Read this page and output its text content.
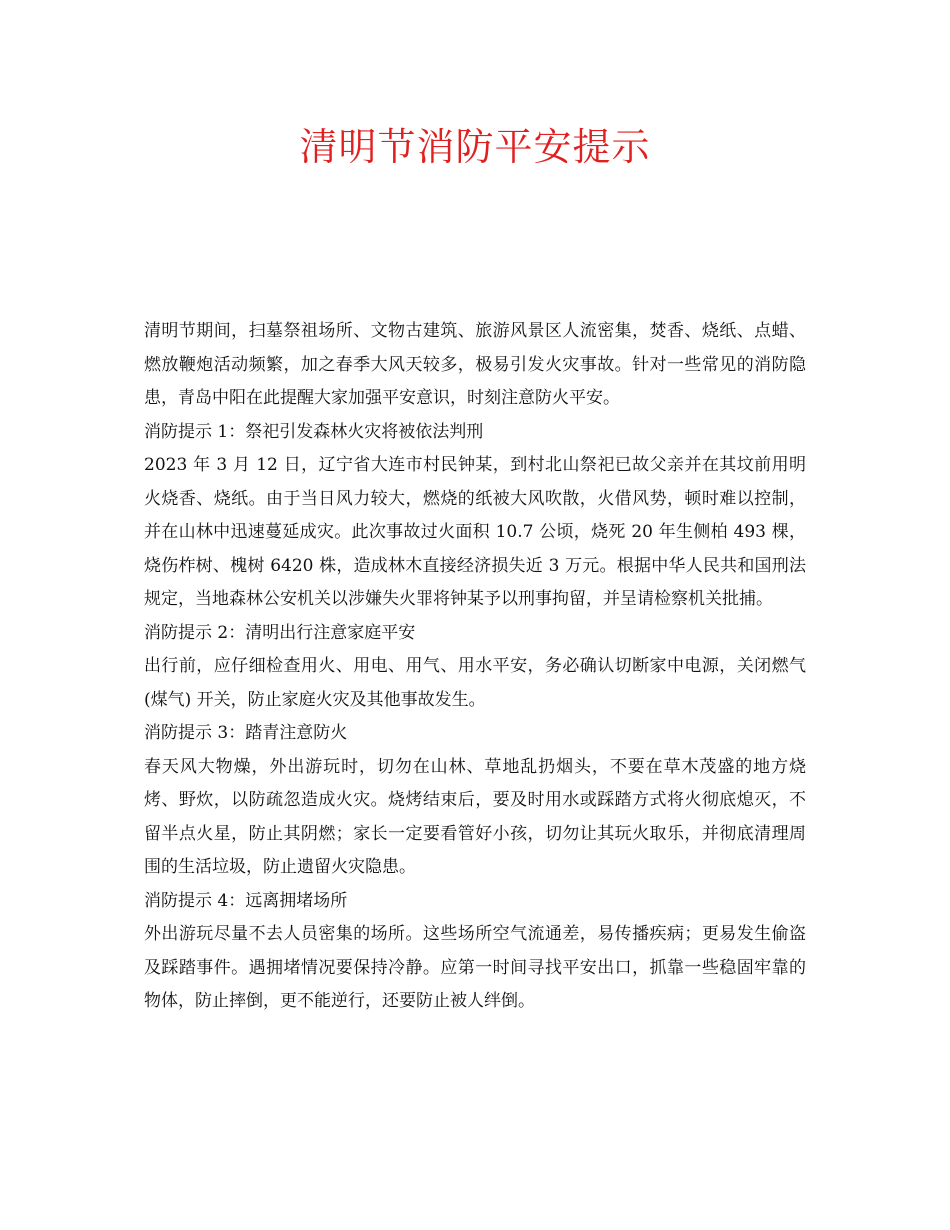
清明节消防平安提示

清明节期间，扫墓祭祖场所、文物古建筑、旅游风景区人流密集，焚香、烧纸、点蜡、燃放鞭炮活动频繁，加之春季大风天较多，极易引发火灾事故。针对一些常见的消防隐患，青岛中阳在此提醒大家加强平安意识，时刻注意防火平安。

消防提示 1：祭祀引发森林火灾将被依法判刑

2023 年 3 月 12 日，辽宁省大连市村民钟某，到村北山祭祀已故父亲并在其坟前用明火烧香、烧纸。由于当日风力较大，燃烧的纸被大风吹散，火借风势，顿时难以控制，并在山林中迅速蔓延成灾。此次事故过火面积 10.7 公顷，烧死 20 年生侧柏 493 棵，烧伤柞树、槐树 6420 株，造成林木直接经济损失近 3 万元。根据中华人民共和国刑法规定，当地森林公安机关以涉嫌失火罪将钟某予以刑事拘留，并呈请检察机关批捕。

消防提示 2：清明出行注意家庭平安

出行前，应仔细检查用火、用电、用气、用水平安，务必确认切断家中电源，关闭燃气(煤气) 开关，防止家庭火灾及其他事故发生。

消防提示 3：踏青注意防火

春天风大物燥，外出游玩时，切勿在山林、草地乱扔烟头，不要在草木茂盛的地方烧烤、野炊，以防疏忽造成火灾。烧烤结束后，要及时用水或踩踏方式将火彻底熄灭，不留半点火星，防止其阴燃；家长一定要看管好小孩，切勿让其玩火取乐，并彻底清理周围的生活垃圾，防止遗留火灾隐患。

消防提示 4：远离拥堵场所

外出游玩尽量不去人员密集的场所。这些场所空气流通差，易传播疾病；更易发生偷盗及踩踏事件。遇拥堵情况要保持冷静。应第一时间寻找平安出口，抓靠一些稳固牢靠的物体，防止摔倒，更不能逆行，还要防止被人绊倒。
